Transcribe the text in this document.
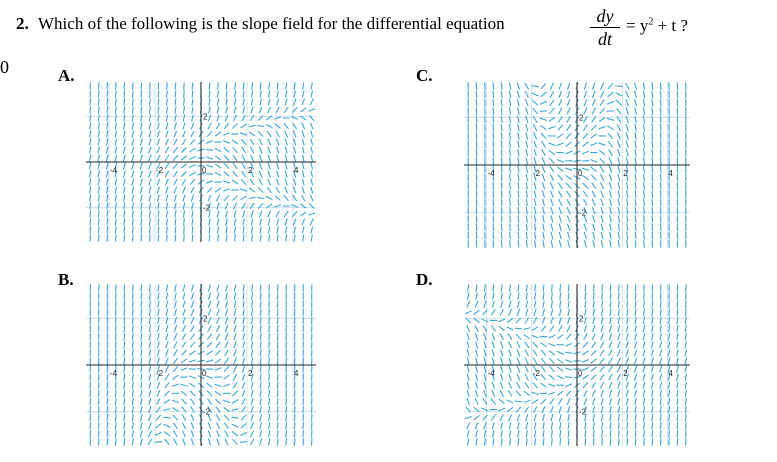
2. Which of the following is the slope field for the differential equation	dy
dt
= $y^2 + t$ ?
0	A.	C.
B.	D.
-4	-2	0	2	4
2
-2
-4	-2	0	2	4
2
-2
-4	-2	0	2	4
2
-2
-4	-2	0	2	4
2
-2
